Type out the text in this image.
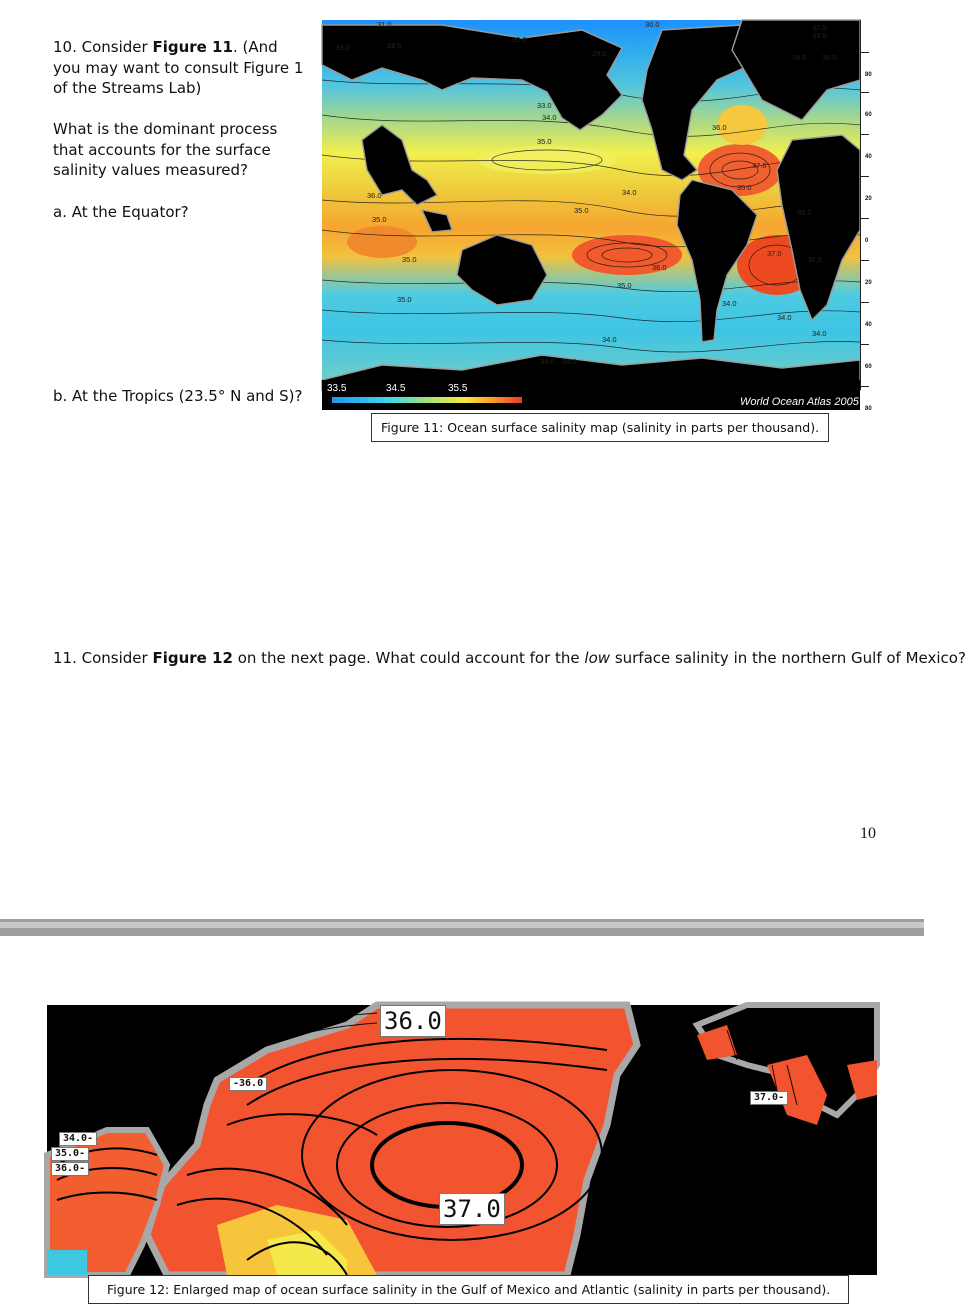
10. Consider Figure 11. (And you may want to consult Figure 1 of the Streams Lab)
What is the dominant process that accounts for the surface salinity values measured?
a. At the Equator?
b. At the Tropics (23.5° N and S)?
31.0
33.0	28.0
30.0
29.0
30.0	32.0
33.0
34.0 35.0
33.0
34.0
35.0
36.0
37.0
35.0
36.0	34.0
35.0
35.0
35.0
36.0
37.0
36.0
35.0
35.0
34.0
34.0
34.0
34.0 34.0
35.0
34.0
33.5	34.5	35.5
World Ocean Atlas 2005
80
60
40
20
0
20
40
60
80
Figure 11: Ocean surface salinity map (salinity in parts per thousand).
11. Consider Figure 12 on the next page. What could account for the low surface salinity in the northern Gulf of Mexico?
10
36.0
37.0
-36.0
37.0-
34.0-
35.0-
36.0-
Figure 12: Enlarged map of ocean surface salinity in the Gulf of Mexico and Atlantic (salinity in parts per thousand).
